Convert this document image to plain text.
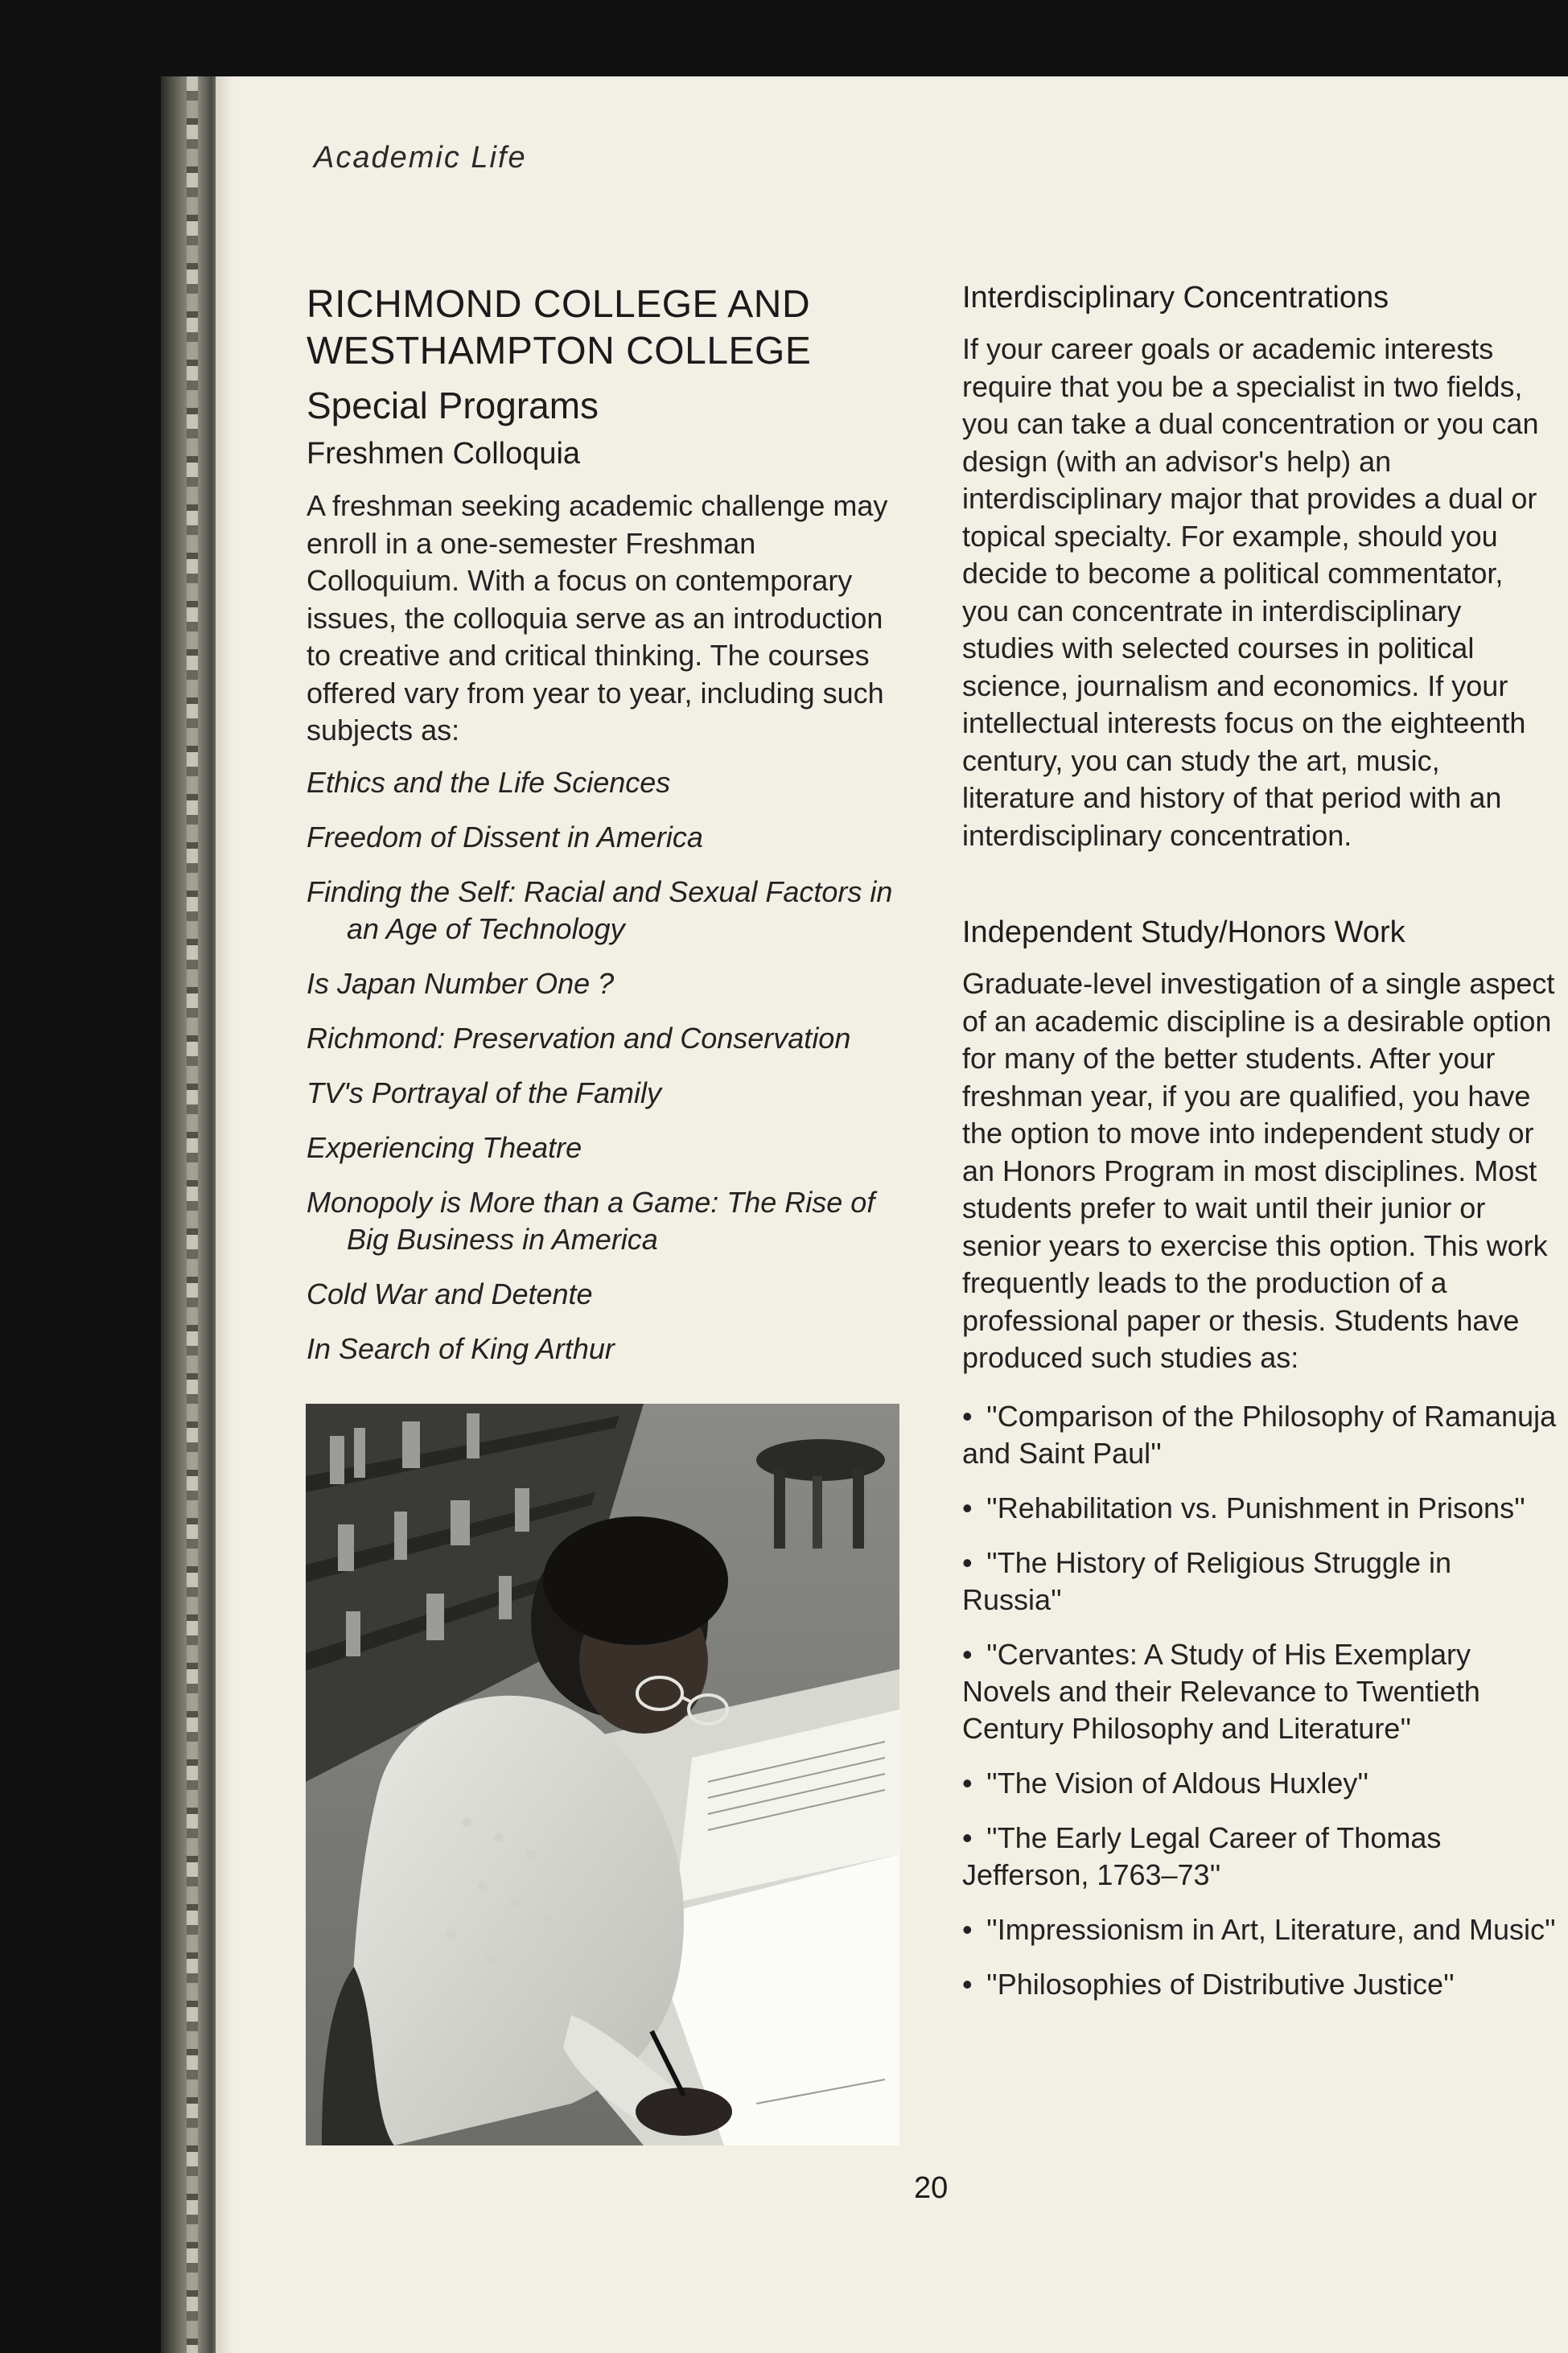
Academic Life
RICHMOND COLLEGE AND
WESTHAMPTON COLLEGE
Special Programs
Freshmen Colloquia

A freshman seeking academic challenge may enroll in a one-semester Freshman Colloquium. With a focus on contemporary issues, the colloquia serve as an introduction to creative and critical thinking. The courses offered vary from year to year, including such subjects as:

Ethics and the Life Sciences
Freedom of Dissent in America
Finding the Self: Racial and Sexual Factors in an Age of Technology
Is Japan Number One ?
Richmond: Preservation and Conservation
TV's Portrayal of the Family
Experiencing Theatre
Monopoly is More than a Game: The Rise of Big Business in America
Cold War and Detente
In Search of King Arthur
Interdisciplinary Concentrations

If your career goals or academic interests require that you be a specialist in two fields, you can take a dual concentration or you can design (with an advisor's help) an interdisciplinary major that provides a dual or topical specialty. For example, should you decide to become a political commentator, you can concentrate in interdisciplinary studies with selected courses in political science, journalism and economics. If your intellectual interests focus on the eighteenth century, you can study the art, music, literature and history of that period with an interdisciplinary concentration.

Independent Study/Honors Work

Graduate-level investigation of a single aspect of an academic discipline is a desirable option for many of the better students. After your freshman year, if you are qualified, you have the option to move into independent study or an Honors Program in most disciplines. Most students prefer to wait until their junior or senior years to exercise this option. This work frequently leads to the production of a professional paper or thesis. Students have produced such studies as:

• ''Comparison of the Philosophy of Ramanuja and Saint Paul''
• ''Rehabilitation vs. Punishment in Prisons''
• ''The History of Religious Struggle in Russia''
• ''Cervantes: A Study of His Exemplary Novels and their Relevance to Twentieth Century Philosophy and Literature''
• ''The Vision of Aldous Huxley''
• ''The Early Legal Career of Thomas Jefferson, 1763–73''
• ''Impressionism in Art, Literature, and Music''
• ''Philosophies of Distributive Justice''
20
